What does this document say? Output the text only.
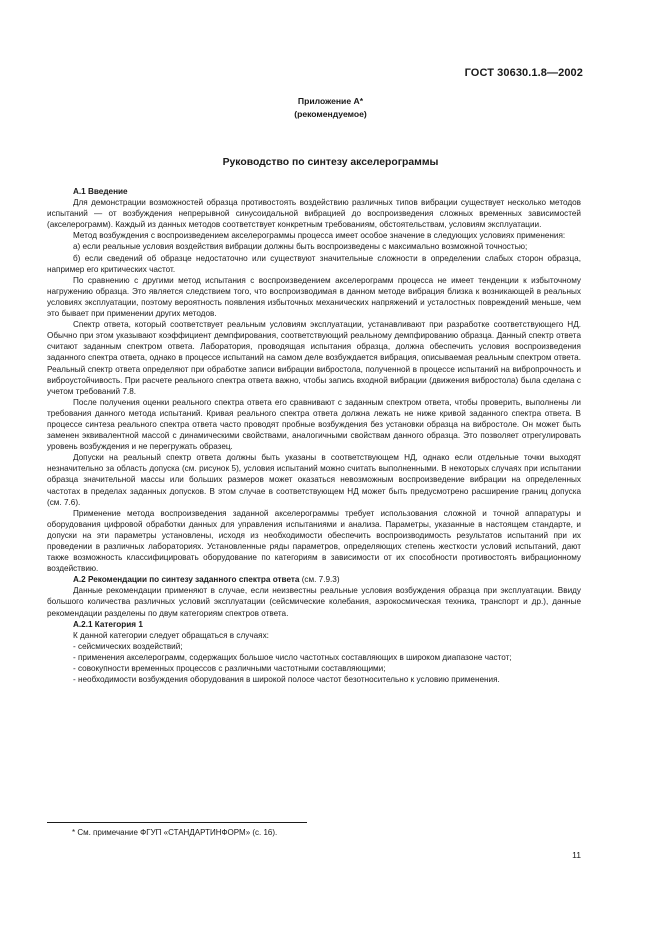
ГОСТ 30630.1.8—2002
Приложение А*
(рекомендуемое)
Руководство по синтезу акселерограммы

А.1 Введение

Для демонстрации возможностей образца противостоять воздействию различных типов вибрации существует несколько методов испытаний — от возбуждения непрерывной синусоидальной вибрацией до воспроизведения сложных временных зависимостей (акселерограмм). Каждый из данных методов соответствует конкретным требованиям, обстоятельствам, условиям эксплуатации.

Метод возбуждения с воспроизведением акселерограммы процесса имеет особое значение в следующих условиях применения:

а) если реальные условия воздействия вибрации должны быть воспроизведены с максимально возможной точностью;

б) если сведений об образце недостаточно или существуют значительные сложности в определении слабых сторон образца, например его критических частот.

По сравнению с другими метод испытания с воспроизведением акселерограмм процесса не имеет тенденции к избыточному нагружению образца. Это является следствием того, что воспроизводимая в данном методе вибрация близка к возникающей в реальных условиях эксплуатации, поэтому вероятность появления избыточных механических напряжений и усталостных повреждений меньше, чем это бывает при применении других методов.

Спектр ответа, который соответствует реальным условиям эксплуатации, устанавливают при разработке соответствующего НД. Обычно при этом указывают коэффициент демпфирования, соответствующий реальному демпфированию образца. Данный спектр ответа считают заданным спектром ответа. Лаборатория, проводящая испытания образца, должна обеспечить условия воспроизведения заданного спектра ответа, однако в процессе испытаний на самом деле возбуждается вибрация, описываемая реальным спектром ответа. Реальный спектр ответа определяют при обработке записи вибрации вибростола, полученной в процессе испытаний на вибропрочность и виброустойчивость. При расчете реального спектра ответа важно, чтобы запись входной вибрации (движения вибростола) была сделана с учетом требований 7.8.

После получения оценки реального спектра ответа его сравнивают с заданным спектром ответа, чтобы проверить, выполнены ли требования данного метода испытаний. Кривая реального спектра ответа должна лежать не ниже кривой заданного спектра ответа. В процессе синтеза реального спектра ответа часто проводят пробные возбуждения без установки образца на вибростоле. Он может быть заменен эквивалентной массой с динамическими свойствами, аналогичными свойствам данного образца. Это позволяет отрегулировать уровень возбуждения и не перегружать образец.

Допуски на реальный спектр ответа должны быть указаны в соответствующем НД, однако если отдельные точки выходят незначительно за область допуска (см. рисунок 5), условия испытаний можно считать выполненными. В некоторых случаях при испытании образца значительной массы или больших размеров может оказаться невозможным воспроизведение вибрации на определенных частотах в пределах заданных допусков. В этом случае в соответствующем НД может быть предусмотрено расширение границ допуска (см. 7.6).

Применение метода воспроизведения заданной акселерограммы требует использования сложной и точной аппаратуры и оборудования цифровой обработки данных для управления испытаниями и анализа. Параметры, указанные в настоящем стандарте, и допуски на эти параметры установлены, исходя из необходимости обеспечить воспроизводимость результатов испытаний при их проведении в различных лабораториях. Установленные ряды параметров, определяющих степень жесткости условий испытаний, дают также возможность классифицировать оборудование по категориям в зависимости от их способности противостоять вибрационному воздействию.

А.2 Рекомендации по синтезу заданного спектра ответа (см. 7.9.3)

Данные рекомендации применяют в случае, если неизвестны реальные условия возбуждения образца при эксплуатации. Ввиду большого количества различных условий эксплуатации (сейсмические колебания, аэрокосмическая техника, транспорт и др.), данные рекомендации разделены по двум категориям спектров ответа.

А.2.1 Категория 1

К данной категории следует обращаться в случаях:

- сейсмических воздействий;

- применения акселерограмм, содержащих большое число частотных составляющих в широком диапазоне частот;

- совокупности временных процессов с различными частотными составляющими;

- необходимости возбуждения оборудования в широкой полосе частот безотносительно к условию применения.

* См. примечание ФГУП «СТАНДАРТИНФОРМ» (с. 16).
11
